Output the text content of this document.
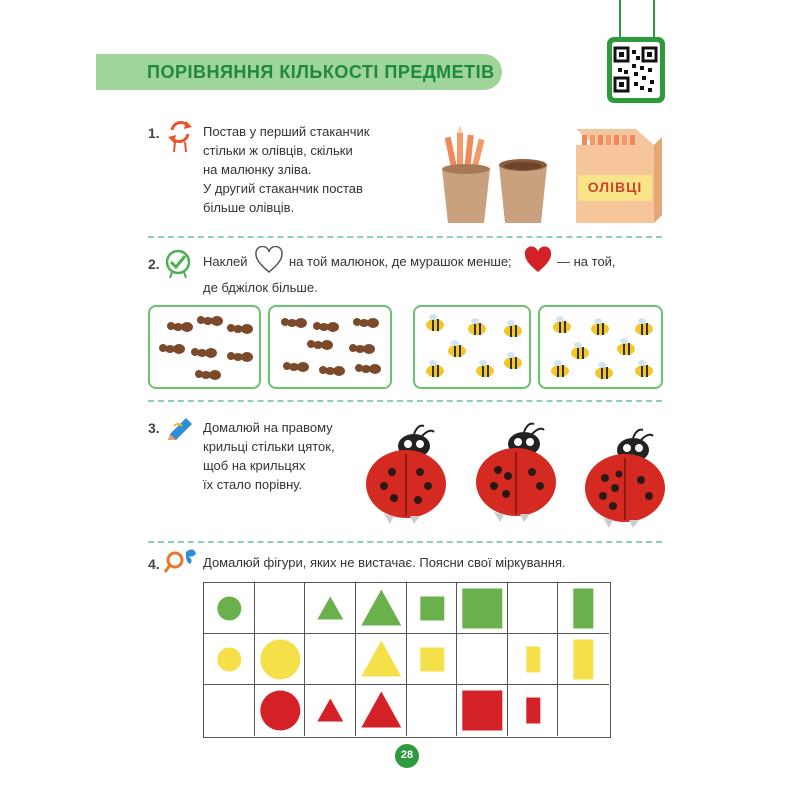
ПОРІВНЯННЯ КІЛЬКОСТІ ПРЕДМЕТІВ
1.	Постав у перший стаканчик
стільки ж олівців, скільки
на малюнку зліва.
У другий стаканчик постав
більше олівців.
ОЛІВЦІ
2.	Наклей	на той малюнок, де мурашок менше;	— на той,
де бджілок більше.
3.	Домалюй на правому
крильці стільки цяток,
щоб на крильцях
їх стало порівну.
4.	Домалюй фігури, яких не вистачає. Поясни свої міркування.
28
